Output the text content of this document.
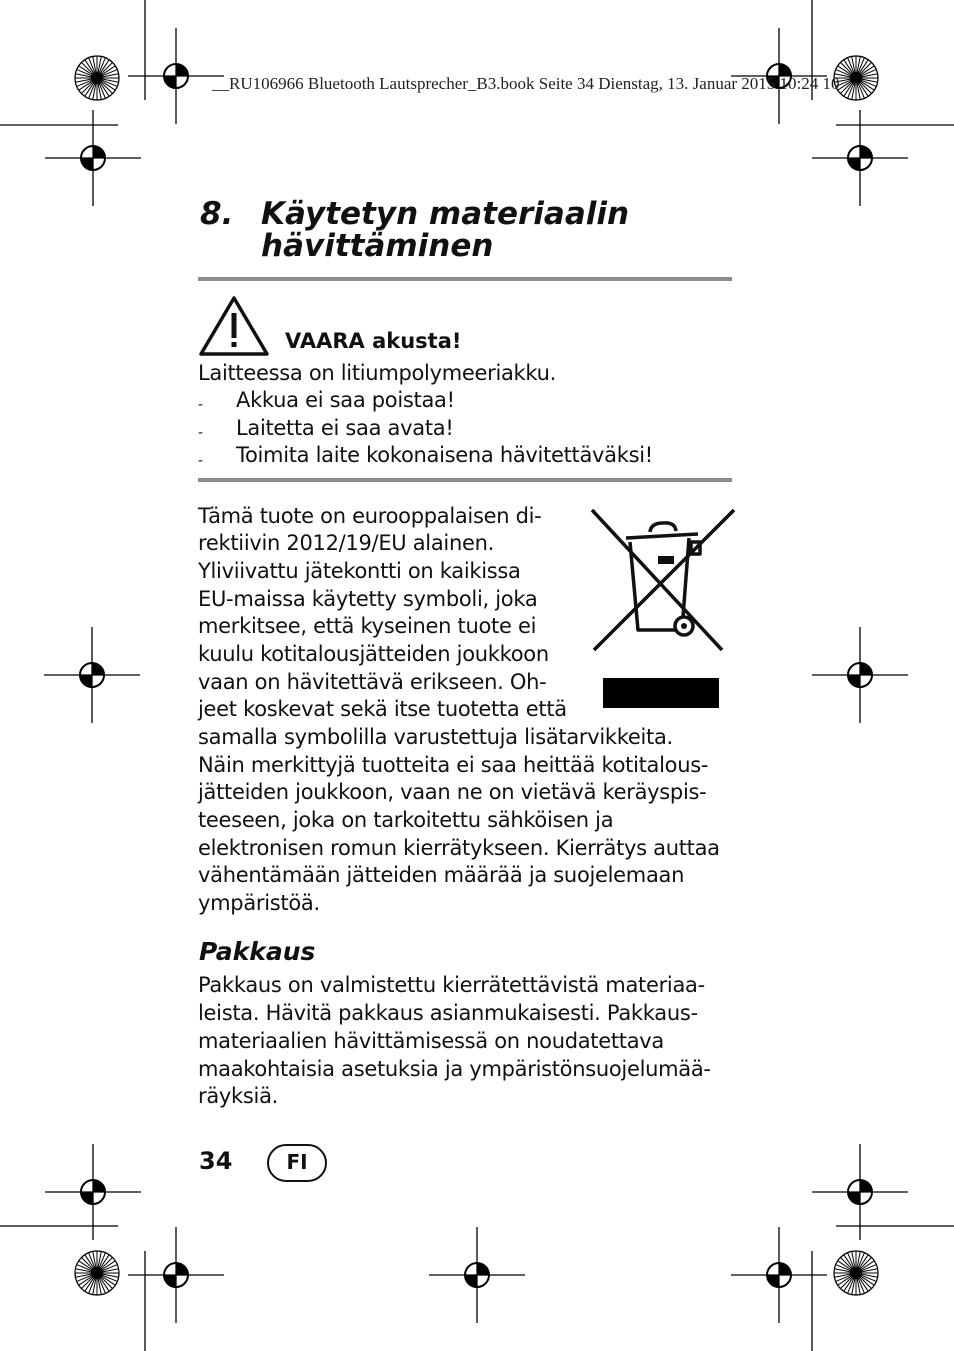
__RU106966 Bluetooth Lautsprecher_B3.book Seite 34 Dienstag, 13. Januar 2015 10:24 10
8. Käytetyn materiaalin
hävittäminen
VAARA akusta!
Laitteessa on litiumpolymeeriakku.
- Akkua ei saa poistaa!
- Laitetta ei saa avata!
- Toimita laite kokonaisena hävitettäväksi!
Tämä tuote on eurooppalaisen di-
rektiivin 2012/19/EU alainen.
Yliviivattu jätekontti on kaikissa
EU-maissa käytetty symboli, joka
merkitsee, että kyseinen tuote ei
kuulu kotitalousjätteiden joukkoon
vaan on hävitettävä erikseen. Oh-
jeet koskevat sekä itse tuotetta että
samalla symbolilla varustettuja lisätarvikkeita.
Näin merkittyjä tuotteita ei saa heittää kotitalous-
jätteiden joukkoon, vaan ne on vietävä keräyspis-
teeseen, joka on tarkoitettu sähköisen ja
elektronisen romun kierrätykseen. Kierrätys auttaa
vähentämään jätteiden määrää ja suojelemaan
ympäristöä.
Pakkaus
Pakkaus on valmistettu kierrätettävistä materiaa-
leista. Hävitä pakkaus asianmukaisesti. Pakkaus-
materiaalien hävittämisessä on noudatettava
maakohtaisia asetuksia ja ympäristönsuojelumää-
räyksiä.
34	FI
